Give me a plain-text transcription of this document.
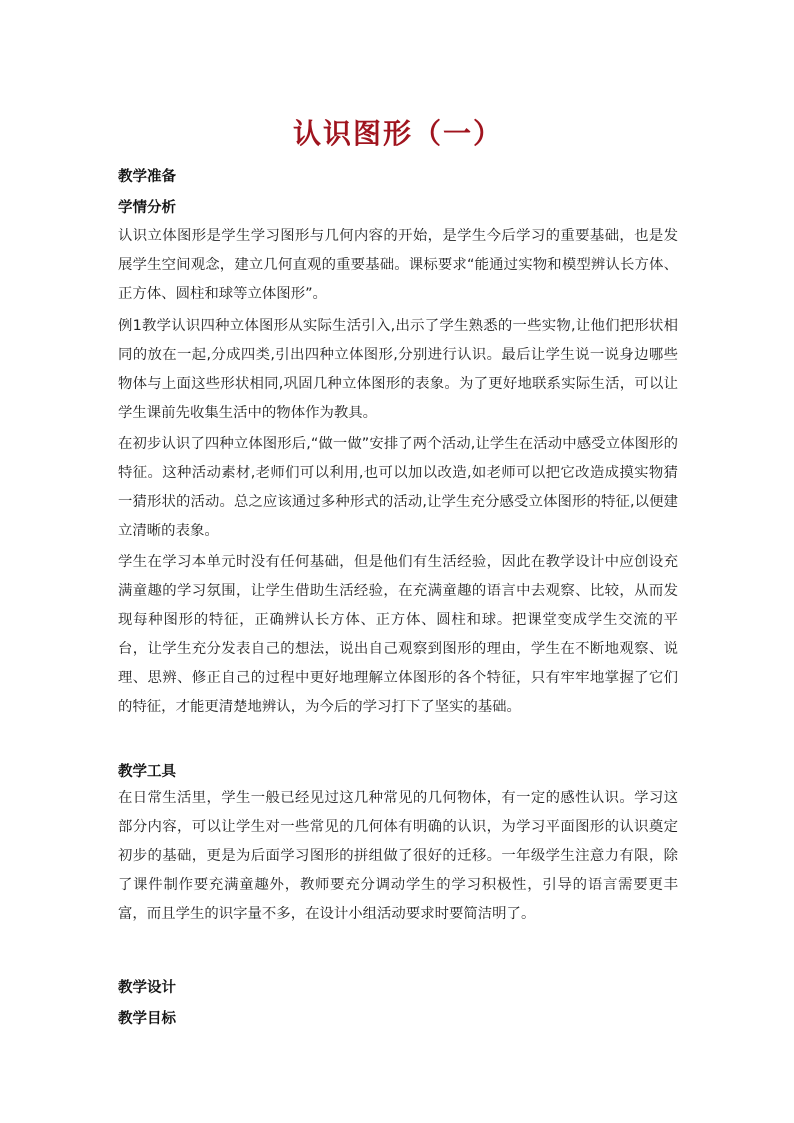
认识图形（一）
教学准备
学情分析
认识立体图形是学生学习图形与几何内容的开始，是学生今后学习的重要基础，也是发展学生空间观念，建立几何直观的重要基础。课标要求“能通过实物和模型辨认长方体、正方体、圆柱和球等立体图形”。
例1教学认识四种立体图形从实际生活引入,出示了学生熟悉的一些实物,让他们把形状相同的放在一起,分成四类,引出四种立体图形,分别进行认识。最后让学生说一说身边哪些物体与上面这些形状相同,巩固几种立体图形的表象。为了更好地联系实际生活，可以让学生课前先收集生活中的物体作为教具。
在初步认识了四种立体图形后,“做一做”安排了两个活动,让学生在活动中感受立体图形的特征。这种活动素材,老师们可以利用,也可以加以改造,如老师可以把它改造成摸实物猜一猜形状的活动。总之应该通过多种形式的活动,让学生充分感受立体图形的特征,以便建立清晰的表象。
学生在学习本单元时没有任何基础，但是他们有生活经验，因此在教学设计中应创设充满童趣的学习氛围，让学生借助生活经验，在充满童趣的语言中去观察、比较，从而发现每种图形的特征，正确辨认长方体、正方体、圆柱和球。把课堂变成学生交流的平台，让学生充分发表自己的想法，说出自己观察到图形的理由，学生在不断地观察、说理、思辨、修正自己的过程中更好地理解立体图形的各个特征，只有牢牢地掌握了它们的特征，才能更清楚地辨认，为今后的学习打下了坚实的基础。
教学工具
在日常生活里，学生一般已经见过这几种常见的几何物体，有一定的感性认识。学习这部分内容，可以让学生对一些常见的几何体有明确的认识，为学习平面图形的认识奠定初步的基础，更是为后面学习图形的拼组做了很好的迁移。一年级学生注意力有限，除了课件制作要充满童趣外，教师要充分调动学生的学习积极性，引导的语言需要更丰富，而且学生的识字量不多，在设计小组活动要求时要简洁明了。
教学设计
教学目标
